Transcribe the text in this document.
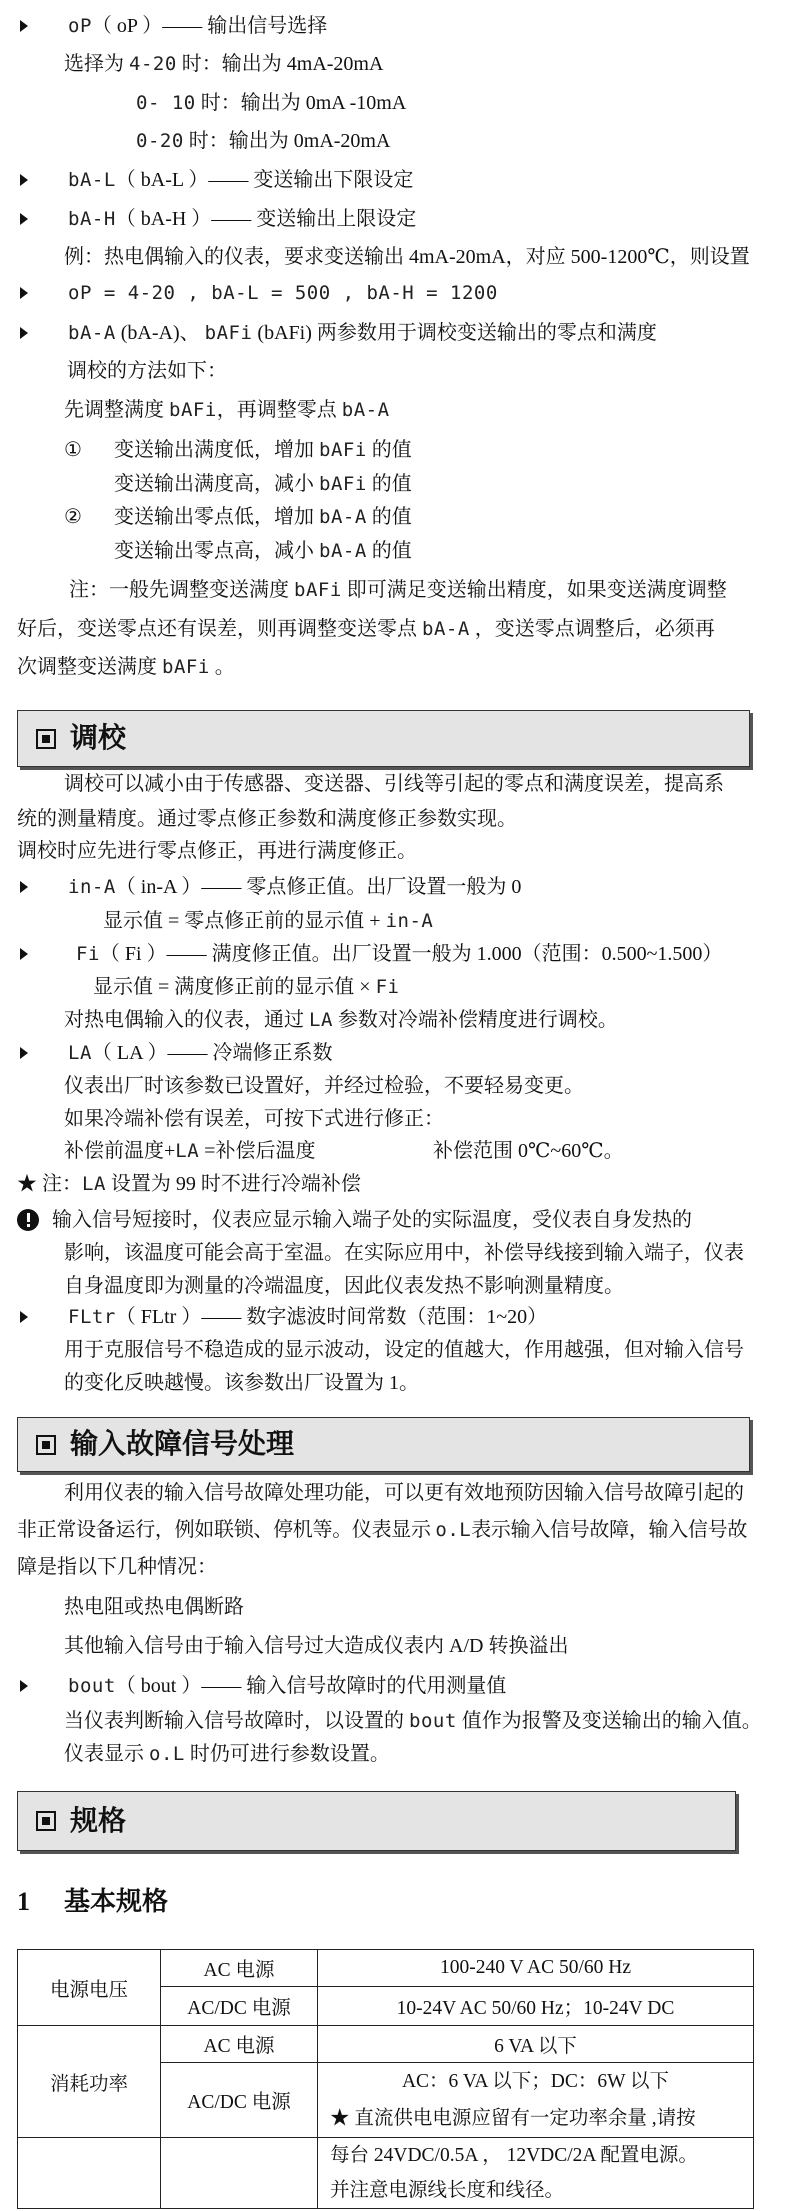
oP（ oP ）—— 输出信号选择
选择为 4-20 时：输出为 4mA-20mA
0- 10 时：输出为 0mA -10mA
0-20 时：输出为 0mA-20mA
bA-L（ bA-L ）—— 变送输出下限设定
bA-H（ bA-H ）—— 变送输出上限设定
例：热电偶输入的仪表，要求变送输出 4mA-20mA，对应 500-1200℃，则设置
oP = 4-20 , bA-L = 500 , bA-H = 1200
bA-A (bA-A)、 bAFi (bAFi) 两参数用于调校变送输出的零点和满度
调校的方法如下：
先调整满度 bAFi，再调整零点 bA-A
① 变送输出满度低，增加 bAFi 的值
变送输出满度高，减小 bAFi 的值
② 变送输出零点低，增加 bA-A 的值
变送输出零点高，减小 bA-A 的值
注：一般先调整变送满度 bAFi 即可满足变送输出精度，如果变送满度调整
好后，变送零点还有误差，则再调整变送零点 bA-A ，变送零点调整后，必须再
次调整变送满度 bAFi 。
调校
调校可以减小由于传感器、变送器、引线等引起的零点和满度误差，提高系
统的测量精度。通过零点修正参数和满度修正参数实现。
调校时应先进行零点修正，再进行满度修正。
in-A（ in-A ）—— 零点修正值。出厂设置一般为 0
显示值 = 零点修正前的显示值 + in-A
Fi（ Fi ）—— 满度修正值。出厂设置一般为 1.000（范围：0.500~1.500）
显示值 = 满度修正前的显示值 × Fi
对热电偶输入的仪表，通过 LA 参数对冷端补偿精度进行调校。
LA（ LA ）—— 冷端修正系数
仪表出厂时该参数已设置好，并经过检验，不要轻易变更。
如果冷端补偿有误差，可按下式进行修正：
补偿前温度+LA =补偿后温度	补偿范围 0℃~60℃。
★ 注：LA 设置为 99 时不进行冷端补偿
输入信号短接时，仪表应显示输入端子处的实际温度，受仪表自身发热的
影响，该温度可能会高于室温。在实际应用中，补偿导线接到输入端子，仪表
自身温度即为测量的冷端温度，因此仪表发热不影响测量精度。
FLtr（ FLtr ）—— 数字滤波时间常数（范围：1~20）
用于克服信号不稳造成的显示波动，设定的值越大，作用越强，但对输入信号
的变化反映越慢。该参数出厂设置为 1。
输入故障信号处理
利用仪表的输入信号故障处理功能，可以更有效地预防因输入信号故障引起的
非正常设备运行，例如联锁、停机等。仪表显示 o.L表示输入信号故障，输入信号故
障是指以下几种情况：
热电阻或热电偶断路
其他输入信号由于输入信号过大造成仪表内 A/D 转换溢出
bout（ bout ）—— 输入信号故障时的代用测量值
当仪表判断输入信号故障时，以设置的 bout 值作为报警及变送输出的输入值。
仪表显示 o.L 时仍可进行参数设置。
规格
1 基本规格
电源电压	AC 电源	100-240 V AC 50/60 Hz
	AC/DC 电源	10-24V AC 50/60 Hz；10-24V DC
消耗功率	AC 电源	6 VA 以下
	AC/DC 电源	AC：6 VA 以下；DC：6W 以下
★ 直流供电电源应留有一定功率余量 ,请按

		每台 24VDC/0.5A ， 12VDC/2A 配置电源。
并注意电源线长度和线径。
